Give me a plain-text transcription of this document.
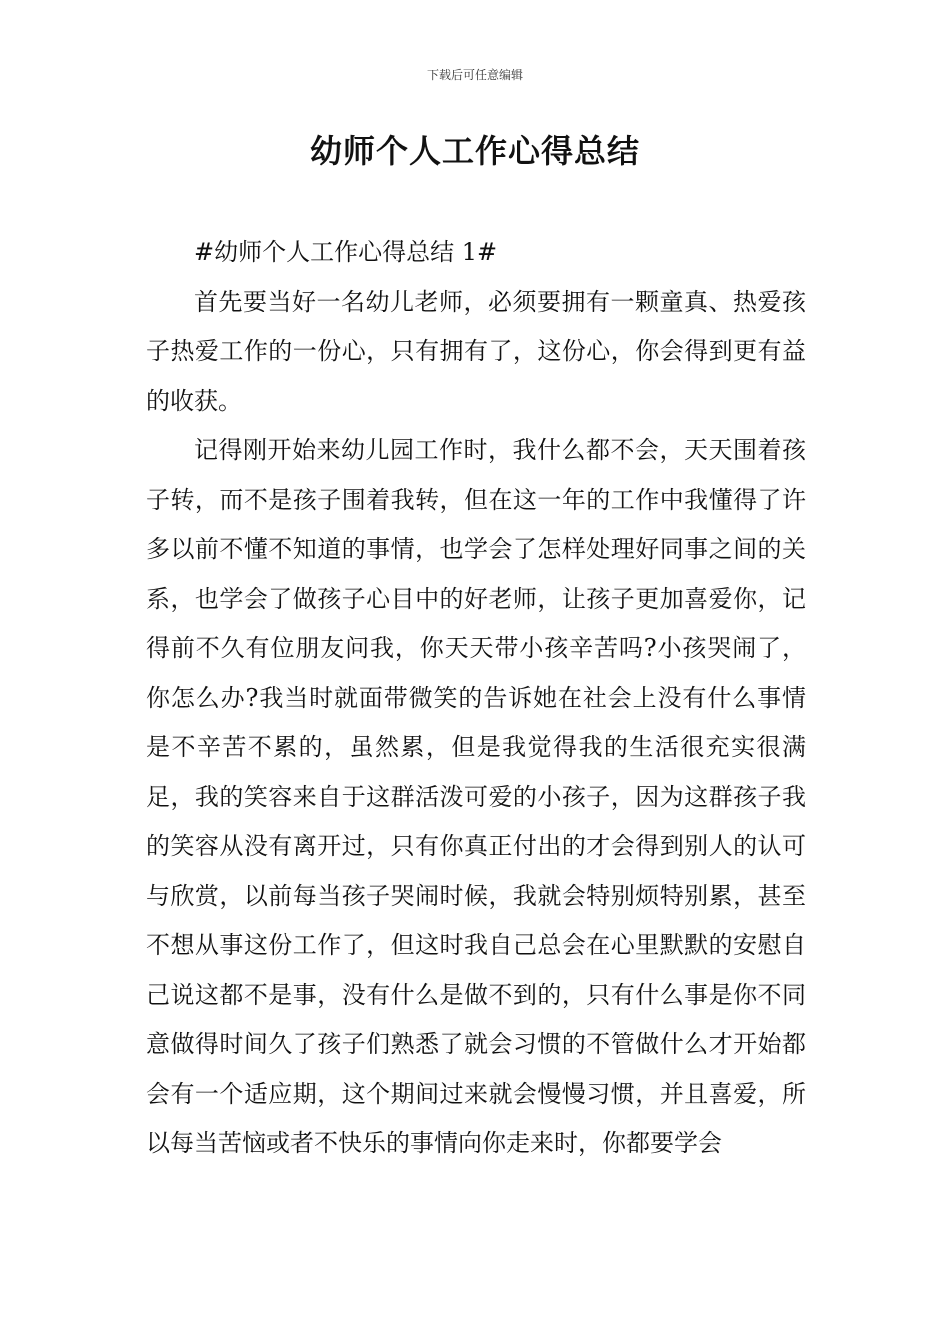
下载后可任意编辑
幼师个人工作心得总结

#幼师个人工作心得总结 1#

首先要当好一名幼儿老师，必须要拥有一颗童真、热爱孩子热爱工作的一份心，只有拥有了，这份心，你会得到更有益的收获。

记得刚开始来幼儿园工作时，我什么都不会，天天围着孩子转，而不是孩子围着我转，但在这一年的工作中我懂得了许多以前不懂不知道的事情，也学会了怎样处理好同事之间的关系，也学会了做孩子心目中的好老师，让孩子更加喜爱你，记得前不久有位朋友问我，你天天带小孩辛苦吗?小孩哭闹了，你怎么办?我当时就面带微笑的告诉她在社会上没有什么事情是不辛苦不累的，虽然累，但是我觉得我的生活很充实很满足，我的笑容来自于这群活泼可爱的小孩子，因为这群孩子我的笑容从没有离开过，只有你真正付出的才会得到别人的认可与欣赏，以前每当孩子哭闹时候，我就会特别烦特别累，甚至不想从事这份工作了，但这时我自己总会在心里默默的安慰自己说这都不是事，没有什么是做不到的，只有什么事是你不同意做得时间久了孩子们熟悉了就会习惯的不管做什么才开始都会有一个适应期，这个期间过来就会慢慢习惯，并且喜爱，所以每当苦恼或者不快乐的事情向你走来时，你都要学会
